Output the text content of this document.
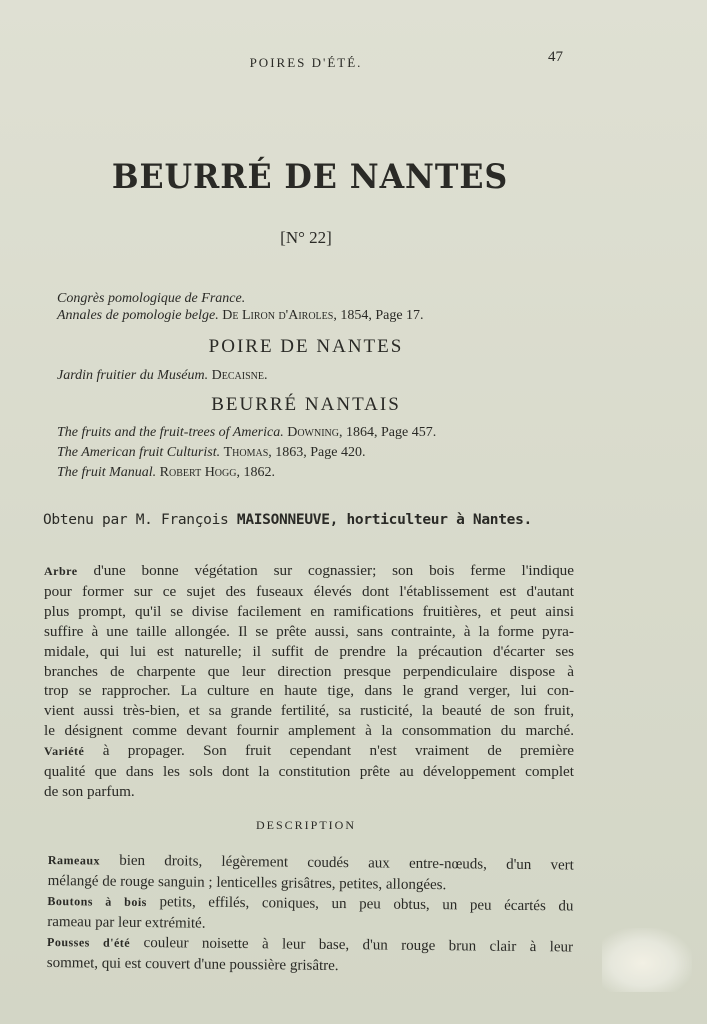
POIRES D'ÉTÉ.	47
BEURRÉ DE NANTES
[N° 22]
Congrès pomologique de France.
Annales de pomologie belge. De Liron d'Airoles, 1854, Page 17.
POIRE DE NANTES
Jardin fruitier du Muséum. Decaisne.
BEURRÉ NANTAIS
The fruits and the fruit-trees of America. Downing, 1864, Page 457.
The American fruit Culturist. Thomas, 1863, Page 420.
The fruit Manual. Robert Hogg, 1862.
Obtenu par M. François MAISONNEUVE, horticulteur à Nantes.
Arbre d'une bonne végétation sur cognassier; son bois ferme l'indique
pour former sur ce sujet des fuseaux élevés dont l'établissement est d'autant
plus prompt, qu'il se divise facilement en ramifications fruitières, et peut ainsi
suffire à une taille allongée. Il se prête aussi, sans contrainte, à la forme pyra-
midale, qui lui est naturelle; il suffit de prendre la précaution d'écarter ses
branches de charpente que leur direction presque perpendiculaire dispose à
trop se rapprocher. La culture en haute tige, dans le grand verger, lui con-
vient aussi très-bien, et sa grande fertilité, sa rusticité, la beauté de son fruit,
le désignent comme devant fournir amplement à la consommation du marché.
Variété à propager. Son fruit cependant n'est vraiment de première
qualité que dans les sols dont la constitution prête au développement complet
de son parfum.
DESCRIPTION
Rameaux bien droits, légèrement coudés aux entre-nœuds, d'un vert
mélangé de rouge sanguin ; lenticelles grisâtres, petites, allongées.
Boutons à bois petits, effilés, coniques, un peu obtus, un peu écartés du
rameau par leur extrémité.
Pousses d'été couleur noisette à leur base, d'un rouge brun clair à leur
sommet, qui est couvert d'une poussière grisâtre.
